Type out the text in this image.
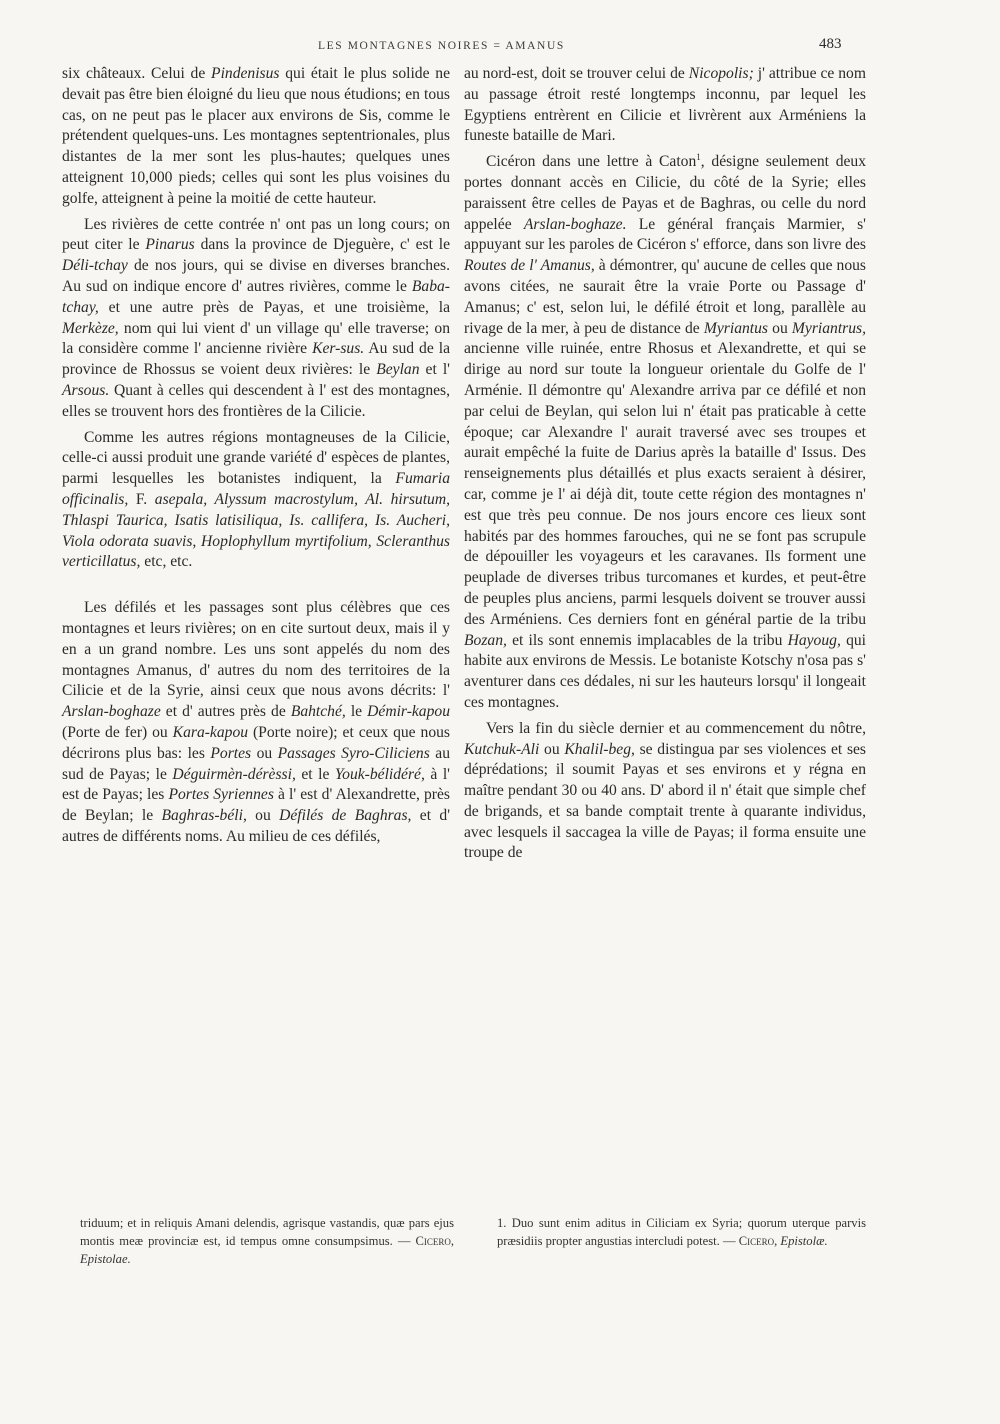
LES MONTAGNES NOIRES = AMANUS	483

six châteaux. Celui de Pindenisus qui était le plus solide ne devait pas être bien éloigné du lieu que nous étudions; en tous cas, on ne peut pas le placer aux environs de Sis, comme le prétendent quelques-uns. Les montagnes septentrionales, plus distantes de la mer sont les plus-hautes; quelques unes atteignent 10,000 pieds; celles qui sont les plus voisines du golfe, atteignent à peine la moitié de cette hauteur.

Les rivières de cette contrée n' ont pas un long cours; on peut citer le Pinarus dans la province de Djeguère, c' est le Déli-tchay de nos jours, qui se divise en diverses branches. Au sud on indique encore d' autres rivières, comme le Baba-tchay, et une autre près de Payas, et une troisième, la Merkèze, nom qui lui vient d' un village qu' elle traverse; on la considère comme l' ancienne rivière Ker-sus. Au sud de la province de Rhossus se voient deux rivières: le Beylan et l' Arsous. Quant à celles qui descendent à l' est des montagnes, elles se trouvent hors des frontières de la Cilicie.

Comme les autres régions montagneuses de la Cilicie, celle-ci aussi produit une grande variété d' espèces de plantes, parmi lesquelles les botanistes indiquent, la Fumaria officinalis, F. asepala, Alyssum macrostylum, Al. hirsutum, Thlaspi Taurica, Isatis latisiliqua, Is. callifera, Is. Aucheri, Viola odorata suavis, Hoplophyllum myrtifolium, Scleranthus verticillatus, etc, etc.

Les défilés et les passages sont plus célèbres que ces montagnes et leurs rivières; on en cite surtout deux, mais il y en a un grand nombre. Les uns sont appelés du nom des montagnes Amanus, d' autres du nom des territoires de la Cilicie et de la Syrie, ainsi ceux que nous avons décrits: l' Arslan-boghaze et d' autres près de Bahtché, le Démir-kapou (Porte de fer) ou Kara-kapou (Porte noire); et ceux que nous décrirons plus bas: les Portes ou Passages Syro-Ciliciens au sud de Payas; le Déguirmèn-dérèssi, et le Youk-bélidéré, à l' est de Payas; les Portes Syriennes à l' est d' Alexandrette, près de Beylan; le Baghras-béli, ou Défilés de Baghras, et d' autres de différents noms. Au milieu de ces défilés,

au nord-est, doit se trouver celui de Nicopolis; j' attribue ce nom au passage étroit resté longtemps inconnu, par lequel les Egyptiens entrèrent en Cilicie et livrèrent aux Arméniens la funeste bataille de Mari.

Cicéron dans une lettre à Caton$^1$, désigne seulement deux portes donnant accès en Cilicie, du côté de la Syrie; elles paraissent être celles de Payas et de Baghras, ou celle du nord appelée Arslan-boghaze. Le général français Marmier, s' appuyant sur les paroles de Cicéron s' efforce, dans son livre des Routes de l' Amanus, à démontrer, qu' aucune de celles que nous avons citées, ne saurait être la vraie Porte ou Passage d' Amanus; c' est, selon lui, le défilé étroit et long, parallèle au rivage de la mer, à peu de distance de Myriantus ou Myriantrus, ancienne ville ruinée, entre Rhosus et Alexandrette, et qui se dirige au nord sur toute la longueur orientale du Golfe de l' Arménie. Il démontre qu' Alexandre arriva par ce défilé et non par celui de Beylan, qui selon lui n' était pas praticable à cette époque; car Alexandre l' aurait traversé avec ses troupes et aurait empêché la fuite de Darius après la bataille d' Issus. Des renseignements plus détaillés et plus exacts seraient à désirer, car, comme je l' ai déjà dit, toute cette région des montagnes n' est que très peu connue. De nos jours encore ces lieux sont habités par des hommes farouches, qui ne se font pas scrupule de dépouiller les voyageurs et les caravanes. Ils forment une peuplade de diverses tribus turcomanes et kurdes, et peut-être de peuples plus anciens, parmi lesquels doivent se trouver aussi des Arméniens. Ces derniers font en général partie de la tribu Bozan, et ils sont ennemis implacables de la tribu Hayoug, qui habite aux environs de Messis. Le botaniste Kotschy n'osa pas s' aventurer dans ces dédales, ni sur les hauteurs lorsqu' il longeait ces montagnes.

Vers la fin du siècle dernier et au commencement du nôtre, Kutchuk-Ali ou Khalil-beg, se distingua par ses violences et ses déprédations; il soumit Payas et ses environs et y régna en maître pendant 30 ou 40 ans. D' abord il n' était que simple chef de brigands, et sa bande comptait trente à quarante individus, avec lesquels il saccagea la ville de Payas; il forma ensuite une troupe de

triduum; et in reliquis Amani delendis, agrisque vastandis, quæ pars ejus montis meæ provinciæ est, id tempus omne consumpsimus. — Cicero, Epistolae.
1. Duo sunt enim aditus in Ciliciam ex Syria; quorum uterque parvis præsidiis propter angustias intercludi potest. — Cicero, Epistolæ.
